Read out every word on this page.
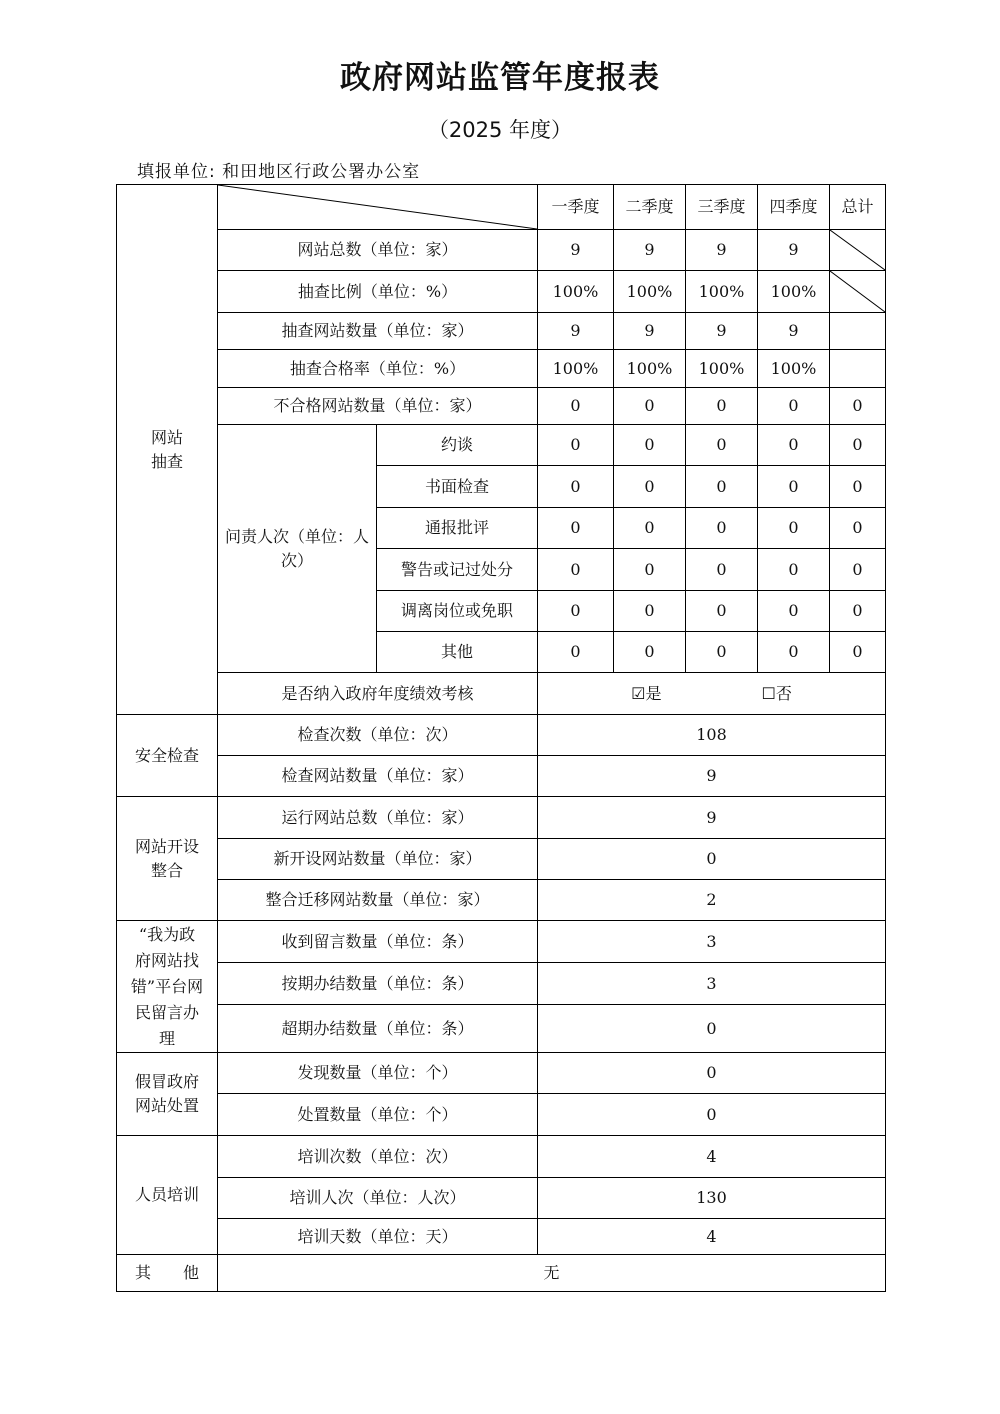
政府网站监管年度报表
（2025 年度）
填报单位: 和田地区行政公署办公室
网站
抽查			一季度	二季度	三季度	四季度	总计
	网站总数（单位：家）		9	9	9	9	

	抽查比例（单位：%）		100%	100%	100%	100%	

	抽查网站数量（单位：家）		9	9	9	9	
	抽查合格率（单位：%）		100%	100%	100%	100%	
	不合格网站数量（单位：家）		0	0	0	0	0
	问责人次（单位：人次）	约谈	0	0	0	0	0
		书面检查	0	0	0	0	0
		通报批评	0	0	0	0	0
		警告或记过处分	0	0	0	0	0
		调离岗位或免职	0	0	0	0	0
		其他	0	0	0	0	0
	是否纳入政府年度绩效考核		☑是 ☐否				
安全检查	检查次数（单位：次）		108				
	检查网站数量（单位：家）		9				
网站开设
整合	运行网站总数（单位：家）		9				
	新开设网站数量（单位：家）		0				
	整合迁移网站数量（单位：家）		2				
“我为政
府网站找
错”平台网
民留言办
理	收到留言数量（单位：条）		3				
	按期办结数量（单位：条）		3				
	超期办结数量（单位：条）		0				
假冒政府
网站处置	发现数量（单位：个）		0				
	处置数量（单位：个）		0				
人员培训	培训次数（单位：次）		4				
	培训人次（单位：人次）		130				
	培训天数（单位：天）		4				
其　　他	无						
